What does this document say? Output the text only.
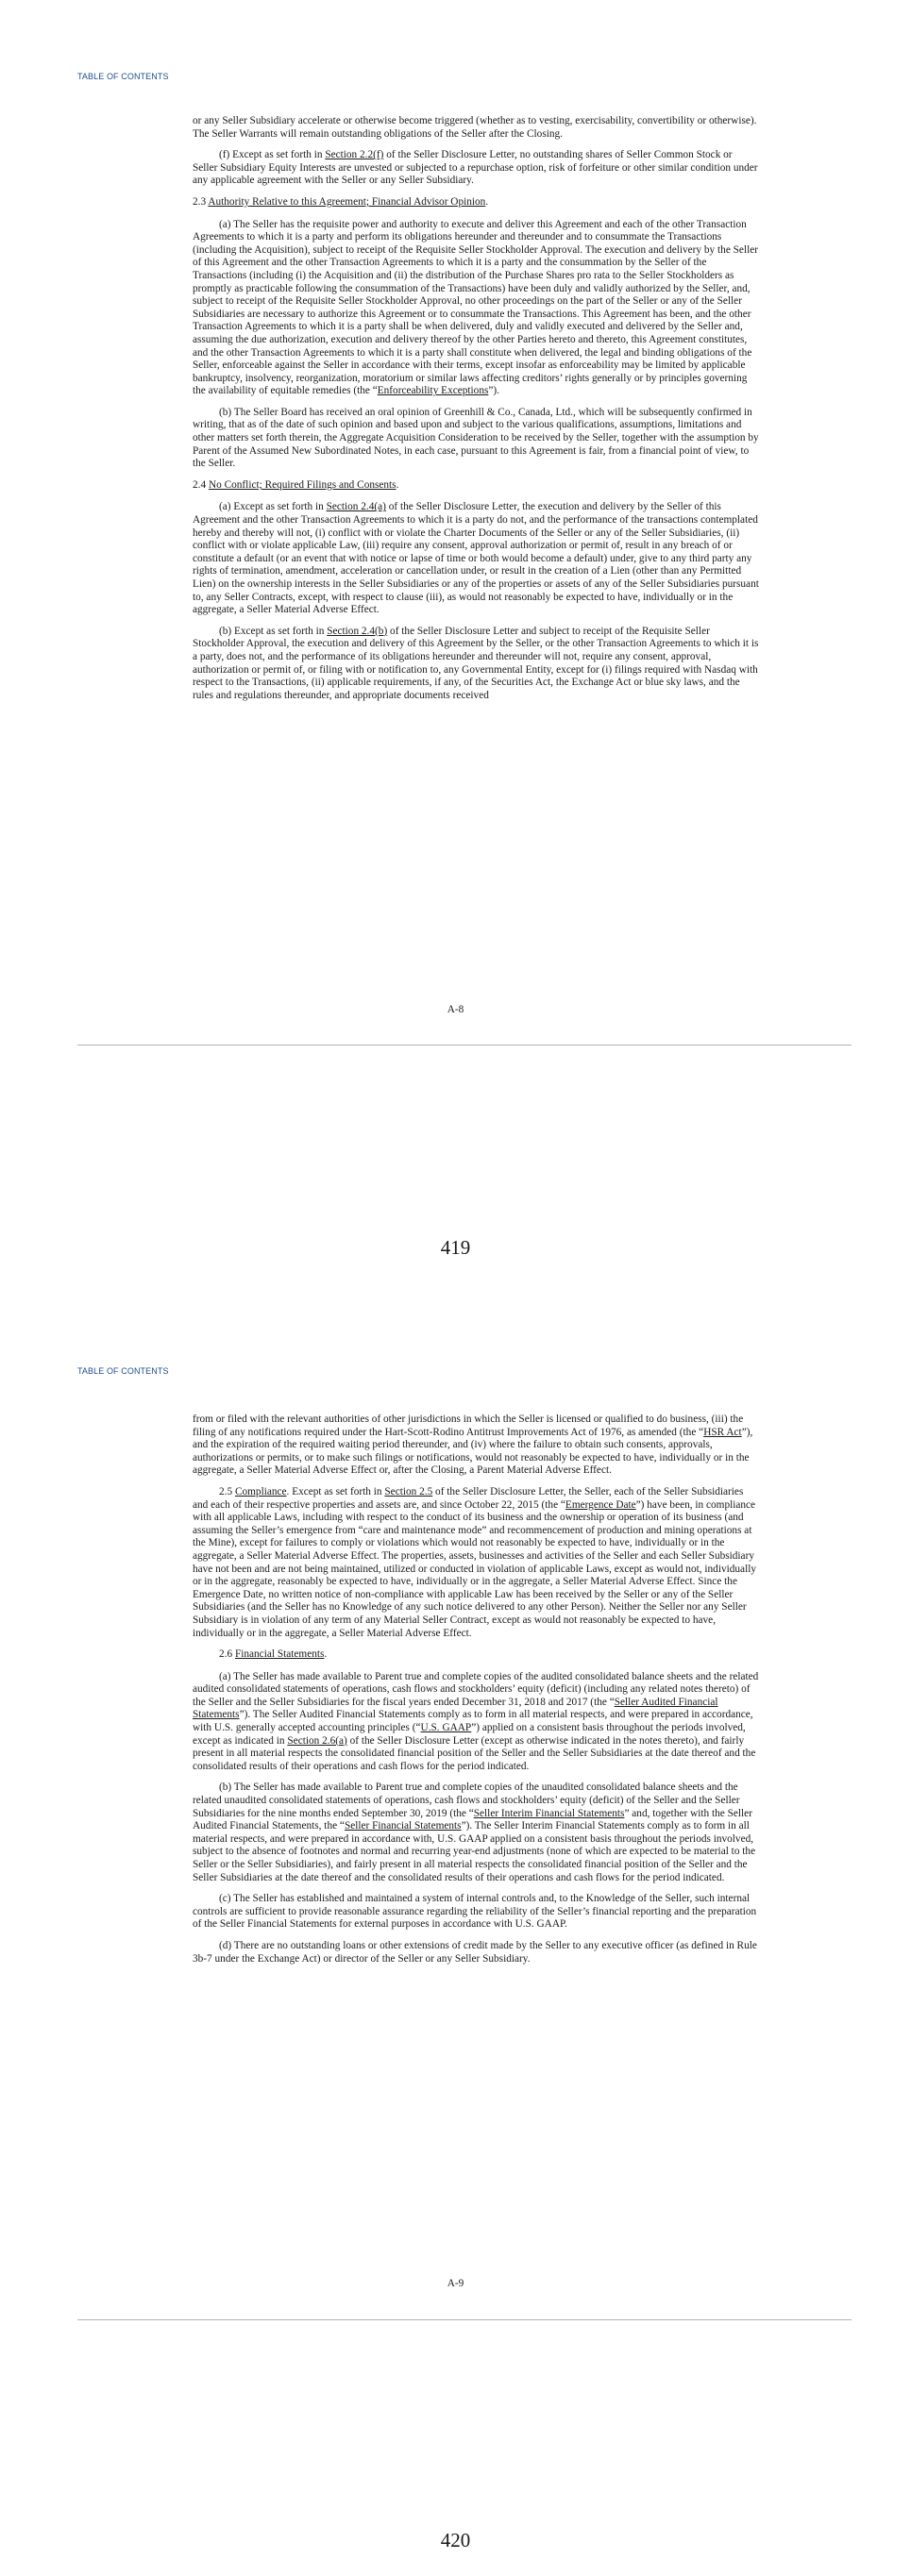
TABLE OF CONTENTS

or any Seller Subsidiary accelerate or otherwise become triggered (whether as to vesting, exercisability, convertibility or otherwise). The Seller Warrants will remain outstanding obligations of the Seller after the Closing.

(f) Except as set forth in Section 2.2(f) of the Seller Disclosure Letter, no outstanding shares of Seller Common Stock or Seller Subsidiary Equity Interests are unvested or subjected to a repurchase option, risk of forfeiture or other similar condition under any applicable agreement with the Seller or any Seller Subsidiary.

2.3 Authority Relative to this Agreement; Financial Advisor Opinion.

(a) The Seller has the requisite power and authority to execute and deliver this Agreement and each of the other Transaction Agreements to which it is a party and perform its obligations hereunder and thereunder and to consummate the Transactions (including the Acquisition), subject to receipt of the Requisite Seller Stockholder Approval. The execution and delivery by the Seller of this Agreement and the other Transaction Agreements to which it is a party and the consummation by the Seller of the Transactions (including (i) the Acquisition and (ii) the distribution of the Purchase Shares pro rata to the Seller Stockholders as promptly as practicable following the consummation of the Transactions) have been duly and validly authorized by the Seller, and, subject to receipt of the Requisite Seller Stockholder Approval, no other proceedings on the part of the Seller or any of the Seller Subsidiaries are necessary to authorize this Agreement or to consummate the Transactions. This Agreement has been, and the other Transaction Agreements to which it is a party shall be when delivered, duly and validly executed and delivered by the Seller and, assuming the due authorization, execution and delivery thereof by the other Parties hereto and thereto, this Agreement constitutes, and the other Transaction Agreements to which it is a party shall constitute when delivered, the legal and binding obligations of the Seller, enforceable against the Seller in accordance with their terms, except insofar as enforceability may be limited by applicable bankruptcy, insolvency, reorganization, moratorium or similar laws affecting creditors’ rights generally or by principles governing the availability of equitable remedies (the “Enforceability Exceptions”).

(b) The Seller Board has received an oral opinion of Greenhill & Co., Canada, Ltd., which will be subsequently confirmed in writing, that as of the date of such opinion and based upon and subject to the various qualifications, assumptions, limitations and other matters set forth therein, the Aggregate Acquisition Consideration to be received by the Seller, together with the assumption by Parent of the Assumed New Subordinated Notes, in each case, pursuant to this Agreement is fair, from a financial point of view, to the Seller.

2.4 No Conflict; Required Filings and Consents.

(a) Except as set forth in Section 2.4(a) of the Seller Disclosure Letter, the execution and delivery by the Seller of this Agreement and the other Transaction Agreements to which it is a party do not, and the performance of the transactions contemplated hereby and thereby will not, (i) conflict with or violate the Charter Documents of the Seller or any of the Seller Subsidiaries, (ii) conflict with or violate applicable Law, (iii) require any consent, approval authorization or permit of, result in any breach of or constitute a default (or an event that with notice or lapse of time or both would become a default) under, give to any third party any rights of termination, amendment, acceleration or cancellation under, or result in the creation of a Lien (other than any Permitted Lien) on the ownership interests in the Seller Subsidiaries or any of the properties or assets of any of the Seller Subsidiaries pursuant to, any Seller Contracts, except, with respect to clause (iii), as would not reasonably be expected to have, individually or in the aggregate, a Seller Material Adverse Effect.

(b) Except as set forth in Section 2.4(b) of the Seller Disclosure Letter and subject to receipt of the Requisite Seller Stockholder Approval, the execution and delivery of this Agreement by the Seller, or the other Transaction Agreements to which it is a party, does not, and the performance of its obligations hereunder and thereunder will not, require any consent, approval, authorization or permit of, or filing with or notification to, any Governmental Entity, except for (i) filings required with Nasdaq with respect to the Transactions, (ii) applicable requirements, if any, of the Securities Act, the Exchange Act or blue sky laws, and the rules and regulations thereunder, and appropriate documents received

A-8
419
TABLE OF CONTENTS

from or filed with the relevant authorities of other jurisdictions in which the Seller is licensed or qualified to do business, (iii) the filing of any notifications required under the Hart-Scott-Rodino Antitrust Improvements Act of 1976, as amended (the “HSR Act”), and the expiration of the required waiting period thereunder, and (iv) where the failure to obtain such consents, approvals, authorizations or permits, or to make such filings or notifications, would not reasonably be expected to have, individually or in the aggregate, a Seller Material Adverse Effect or, after the Closing, a Parent Material Adverse Effect.

2.5 Compliance. Except as set forth in Section 2.5 of the Seller Disclosure Letter, the Seller, each of the Seller Subsidiaries and each of their respective properties and assets are, and since October 22, 2015 (the “Emergence Date”) have been, in compliance with all applicable Laws, including with respect to the conduct of its business and the ownership or operation of its business (and assuming the Seller’s emergence from “care and maintenance mode” and recommencement of production and mining operations at the Mine), except for failures to comply or violations which would not reasonably be expected to have, individually or in the aggregate, a Seller Material Adverse Effect. The properties, assets, businesses and activities of the Seller and each Seller Subsidiary have not been and are not being maintained, utilized or conducted in violation of applicable Laws, except as would not, individually or in the aggregate, reasonably be expected to have, individually or in the aggregate, a Seller Material Adverse Effect. Since the Emergence Date, no written notice of non-compliance with applicable Law has been received by the Seller or any of the Seller Subsidiaries (and the Seller has no Knowledge of any such notice delivered to any other Person). Neither the Seller nor any Seller Subsidiary is in violation of any term of any Material Seller Contract, except as would not reasonably be expected to have, individually or in the aggregate, a Seller Material Adverse Effect.

2.6 Financial Statements.

(a) The Seller has made available to Parent true and complete copies of the audited consolidated balance sheets and the related audited consolidated statements of operations, cash flows and stockholders’ equity (deficit) (including any related notes thereto) of the Seller and the Seller Subsidiaries for the fiscal years ended December 31, 2018 and 2017 (the “Seller Audited Financial Statements”). The Seller Audited Financial Statements comply as to form in all material respects, and were prepared in accordance, with U.S. generally accepted accounting principles (“U.S. GAAP”) applied on a consistent basis throughout the periods involved, except as indicated in Section 2.6(a) of the Seller Disclosure Letter (except as otherwise indicated in the notes thereto), and fairly present in all material respects the consolidated financial position of the Seller and the Seller Subsidiaries at the date thereof and the consolidated results of their operations and cash flows for the period indicated.

(b) The Seller has made available to Parent true and complete copies of the unaudited consolidated balance sheets and the related unaudited consolidated statements of operations, cash flows and stockholders’ equity (deficit) of the Seller and the Seller Subsidiaries for the nine months ended September 30, 2019 (the “Seller Interim Financial Statements” and, together with the Seller Audited Financial Statements, the “Seller Financial Statements”). The Seller Interim Financial Statements comply as to form in all material respects, and were prepared in accordance with, U.S. GAAP applied on a consistent basis throughout the periods involved, subject to the absence of footnotes and normal and recurring year-end adjustments (none of which are expected to be material to the Seller or the Seller Subsidiaries), and fairly present in all material respects the consolidated financial position of the Seller and the Seller Subsidiaries at the date thereof and the consolidated results of their operations and cash flows for the period indicated.

(c) The Seller has established and maintained a system of internal controls and, to the Knowledge of the Seller, such internal controls are sufficient to provide reasonable assurance regarding the reliability of the Seller’s financial reporting and the preparation of the Seller Financial Statements for external purposes in accordance with U.S. GAAP.

(d) There are no outstanding loans or other extensions of credit made by the Seller to any executive officer (as defined in Rule 3b-7 under the Exchange Act) or director of the Seller or any Seller Subsidiary.

A-9
420
